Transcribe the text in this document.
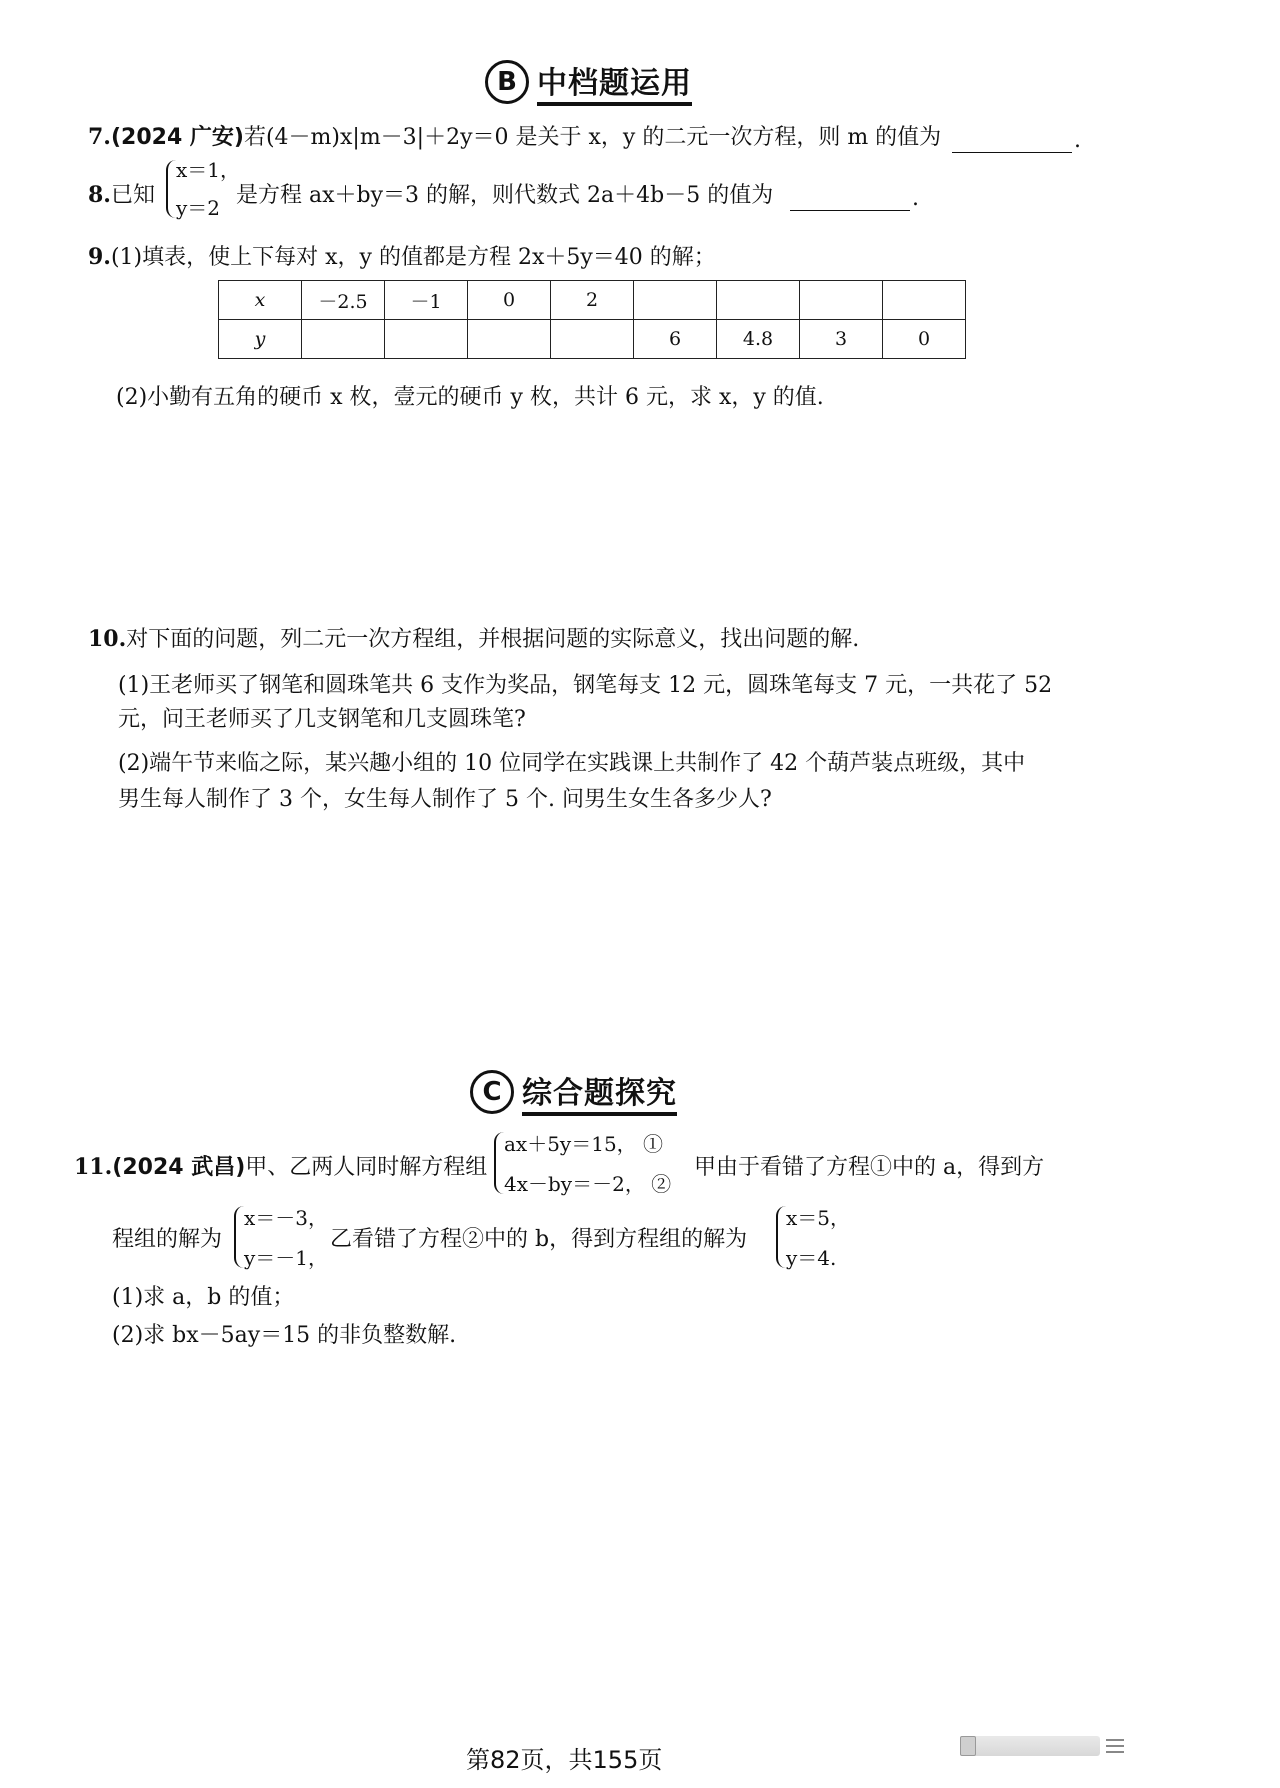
B 中档题运用
7.(2024 广安)若(4－m)x|m－3|＋2y＝0 是关于 x，y 的二元一次方程，则 m 的值为	.
8.已知
x＝1，
y＝2 是方程 ax＋by＝3 的解，则代数式 2a＋4b－5 的值为	.
9.(1)填表，使上下每对 x，y 的值都是方程 2x＋5y＝40 的解；
x	－2.5	－1	0	2				
y					6	4.8	3	0
(2)小勤有五角的硬币 x 枚，壹元的硬币 y 枚，共计 6 元，求 x，y 的值.
10.对下面的问题，列二元一次方程组，并根据问题的实际意义，找出问题的解.
(1)王老师买了钢笔和圆珠笔共 6 支作为奖品，钢笔每支 12 元，圆珠笔每支 7 元，一共花了 52
元，问王老师买了几支钢笔和几支圆珠笔?
(2)端午节来临之际，某兴趣小组的 10 位同学在实践课上共制作了 42 个葫芦装点班级，其中
男生每人制作了 3 个，女生每人制作了 5 个. 问男生女生各多少人?
C 综合题探究
11.(2024 武昌)甲、乙两人同时解方程组
ax＋5y＝15， ①
4x－by＝－2， ②
甲由于看错了方程①中的 a，得到方
程组的解为
x＝－3，
y＝－1，
乙看错了方程②中的 b，得到方程组的解为
x＝5，
y＝4.
(1)求 a，b 的值；
(2)求 bx－5ay＝15 的非负整数解.
第82页，共155页
